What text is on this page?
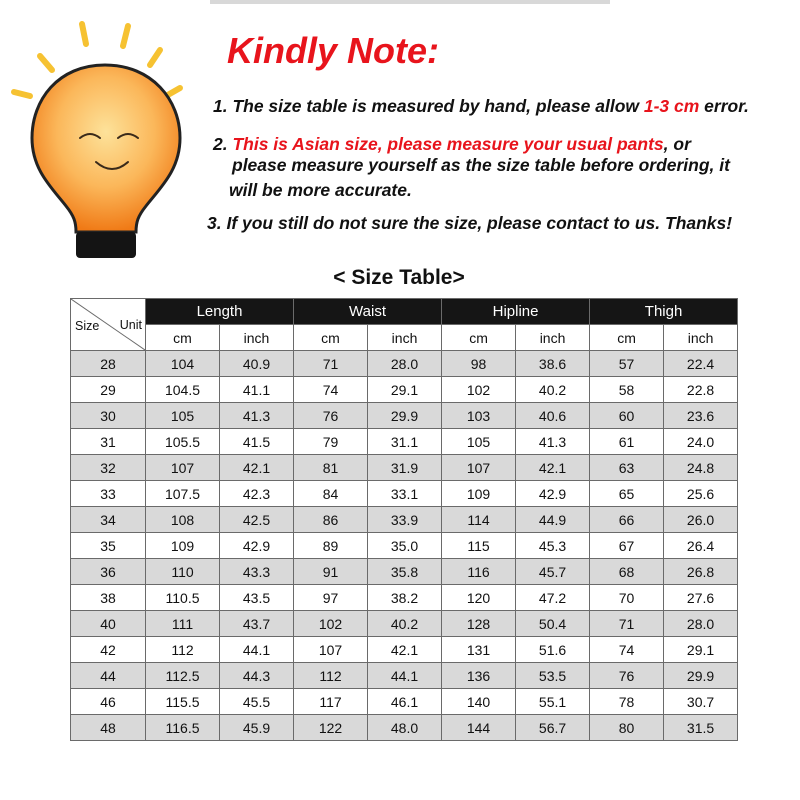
Kindly Note:
1. The size table is measured by hand, please allow 1-3 cm error.
2. This is Asian size, please measure your usual pants, or
please measure yourself as the size table before ordering, it
will be more accurate.
3. If you still do not sure the size, please contact to us. Thanks!
< Size Table>
Size Unit	Length		Waist		Hipline		Thigh	
	cm	inch	cm	inch	cm	inch	cm	inch
28	104	40.9	71	28.0	98	38.6	57	22.4
29	104.5	41.1	74	29.1	102	40.2	58	22.8
30	105	41.3	76	29.9	103	40.6	60	23.6
31	105.5	41.5	79	31.1	105	41.3	61	24.0
32	107	42.1	81	31.9	107	42.1	63	24.8
33	107.5	42.3	84	33.1	109	42.9	65	25.6
34	108	42.5	86	33.9	114	44.9	66	26.0
35	109	42.9	89	35.0	115	45.3	67	26.4
36	110	43.3	91	35.8	116	45.7	68	26.8
38	110.5	43.5	97	38.2	120	47.2	70	27.6
40	111	43.7	102	40.2	128	50.4	71	28.0
42	112	44.1	107	42.1	131	51.6	74	29.1
44	112.5	44.3	112	44.1	136	53.5	76	29.9
46	115.5	45.5	117	46.1	140	55.1	78	30.7
48	116.5	45.9	122	48.0	144	56.7	80	31.5
